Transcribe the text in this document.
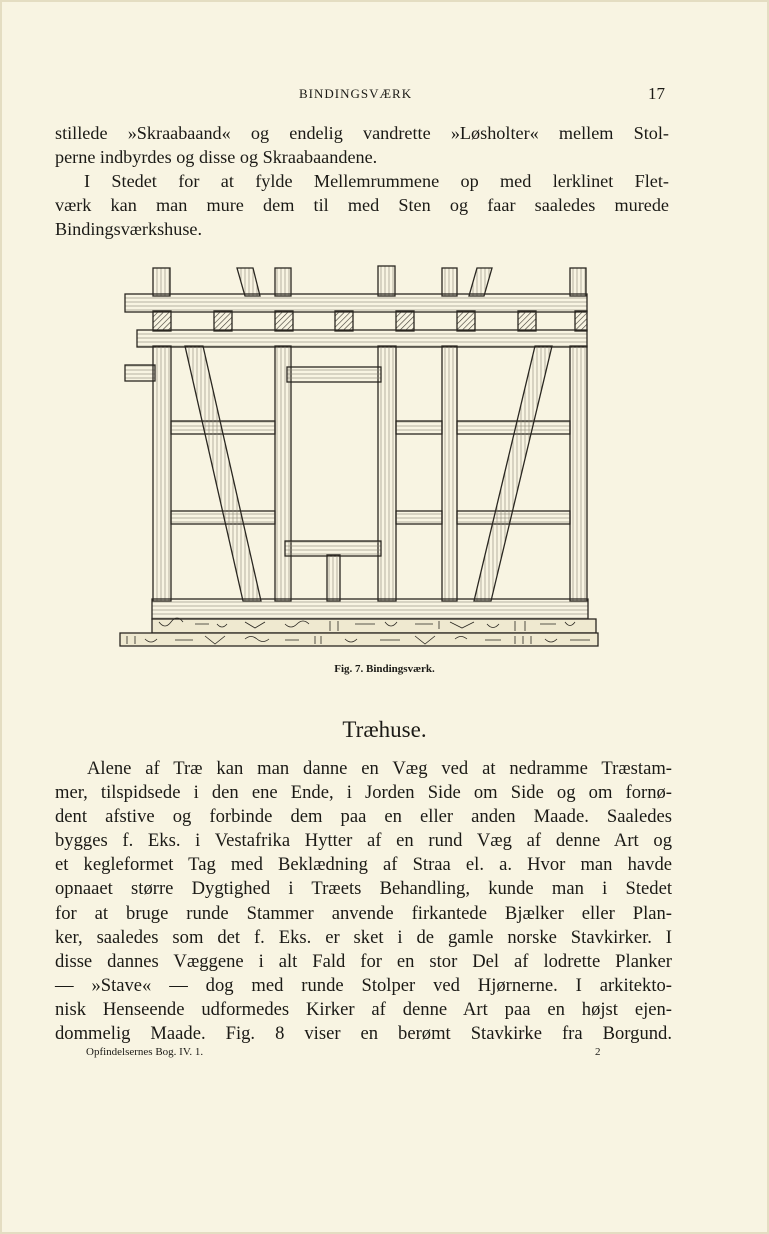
BINDINGSVÆRK	17
stillede »Skraabaand« og endelig vandrette »Løsholter« mellem Stol-
perne indbyrdes og disse og Skraabaandene.
I Stedet for at fylde Mellemrummene op med lerklinet Flet-
værk kan man mure dem til med Sten og faar saaledes murede
Bindingsværkshuse.
Fig. 7. Bindingsværk.
Træhuse.
Alene af Træ kan man danne en Væg ved at nedramme Træstam-
mer, tilspidsede i den ene Ende, i Jorden Side om Side og om fornø-
dent afstive og forbinde dem paa en eller anden Maade. Saaledes
bygges f. Eks. i Vestafrika Hytter af en rund Væg af denne Art og
et kegleformet Tag med Beklædning af Straa el. a. Hvor man havde
opnaaet større Dygtighed i Træets Behandling, kunde man i Stedet
for at bruge runde Stammer anvende firkantede Bjælker eller Plan-
ker, saaledes som det f. Eks. er sket i de gamle norske Stavkirker. I
disse dannes Væggene i alt Fald for en stor Del af lodrette Planker
— »Stave« — dog med runde Stolper ved Hjørnerne. I arkitekto-
nisk Henseende udformedes Kirker af denne Art paa en højst ejen-
dommelig Maade. Fig. 8 viser en berømt Stavkirke fra Borgund.
Opfindelsernes Bog. IV. 1.	2
